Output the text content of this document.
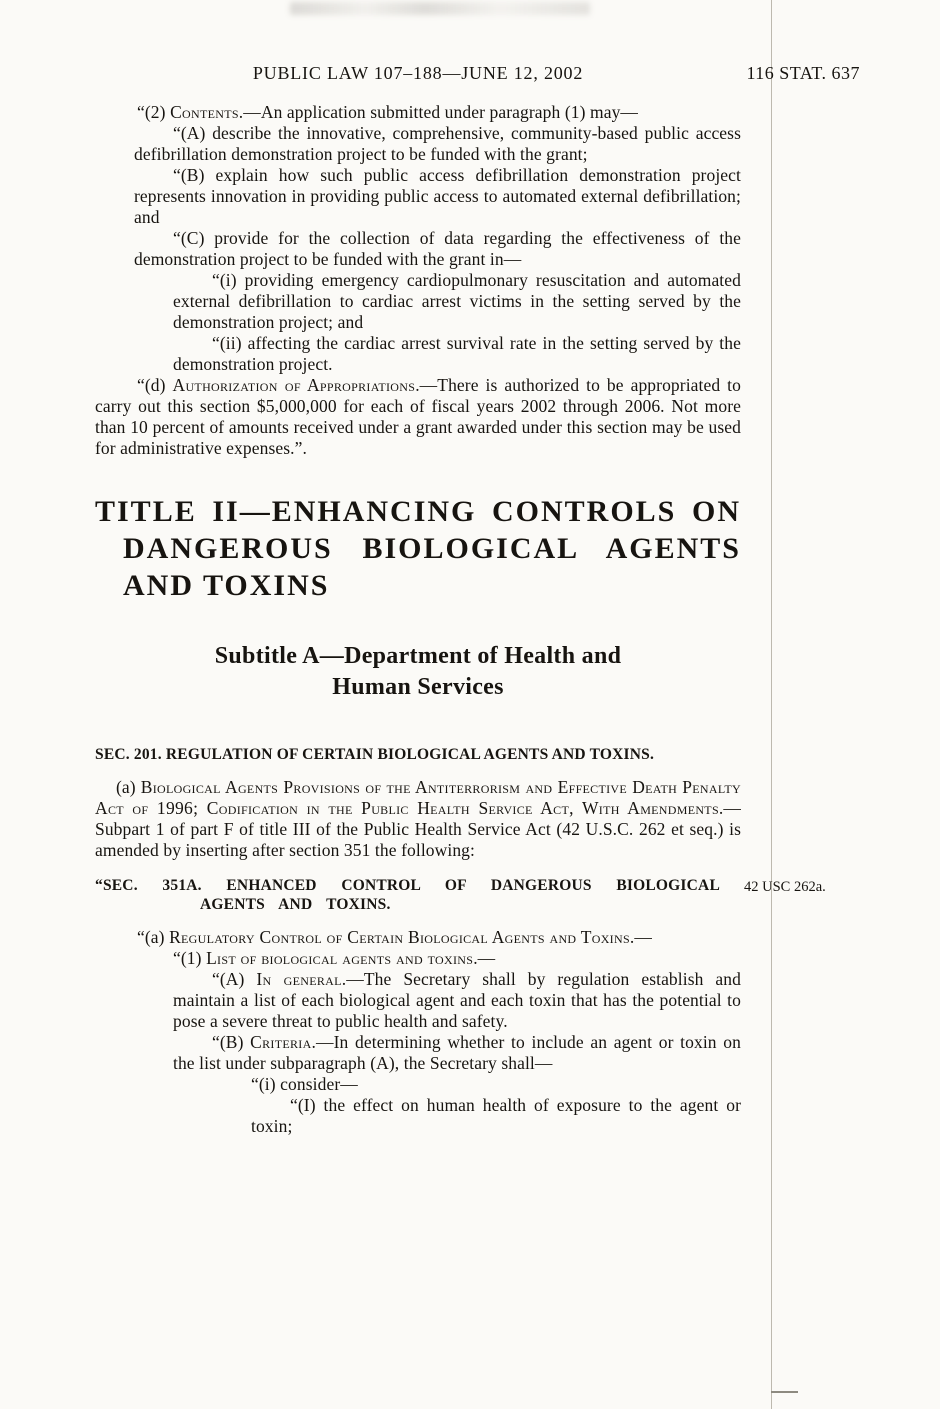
PUBLIC LAW 107–188—JUNE 12, 2002	116 STAT. 637

“(2) Contents.—An application submitted under paragraph (1) may—

“(A) describe the innovative, comprehensive, community-based public access defibrillation demonstration project to be funded with the grant;

“(B) explain how such public access defibrillation demonstration project represents innovation in providing public access to automated external defibrillation; and

“(C) provide for the collection of data regarding the effectiveness of the demonstration project to be funded with the grant in—

“(i) providing emergency cardiopulmonary resuscitation and automated external defibrillation to cardiac arrest victims in the setting served by the demonstration project; and

“(ii) affecting the cardiac arrest survival rate in the setting served by the demonstration project.

“(d) Authorization of Appropriations.—There is authorized to be appropriated to carry out this section $5,000,000 for each of fiscal years 2002 through 2006. Not more than 10 percent of amounts received under a grant awarded under this section may be used for administrative expenses.”.

TITLE II—ENHANCING CONTROLS ON DANGEROUS BIOLOGICAL AGENTS AND TOXINS
Subtitle A—Department of Health and Human Services
SEC. 201. REGULATION OF CERTAIN BIOLOGICAL AGENTS AND TOXINS.

(a) Biological Agents Provisions of the Antiterrorism and Effective Death Penalty Act of 1996; Codification in the Public Health Service Act, With Amendments.—Subpart 1 of part F of title III of the Public Health Service Act (42 U.S.C. 262 et seq.) is amended by inserting after section 351 the following:

“SEC. 351A. ENHANCED CONTROL OF DANGEROUS BIOLOGICAL AGENTS AND TOXINS.
42 USC 262a.

“(a) Regulatory Control of Certain Biological Agents and Toxins.—

“(1) List of biological agents and toxins.—

“(A) In general.—The Secretary shall by regulation establish and maintain a list of each biological agent and each toxin that has the potential to pose a severe threat to public health and safety.

“(B) Criteria.—In determining whether to include an agent or toxin on the list under subparagraph (A), the Secretary shall—

“(i) consider—

“(I) the effect on human health of exposure to the agent or toxin;
